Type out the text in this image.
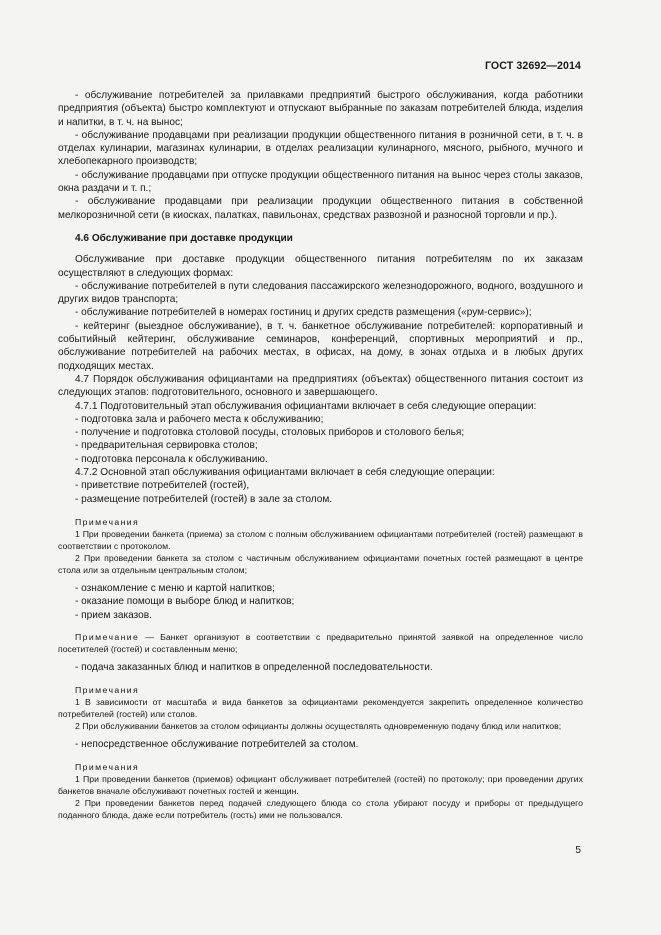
ГОСТ 32692—2014

- обслуживание потребителей за прилавками предприятий быстрого обслуживания, когда работники предприятия (объекта) быстро комплектуют и отпускают выбранные по заказам потребителей блюда, изделия и напитки, в т. ч. на вынос;

- обслуживание продавцами при реализации продукции общественного питания в розничной сети, в т. ч. в отделах кулинарии, магазинах кулинарии, в отделах реализации кулинарного, мясного, рыбного, мучного и хлебопекарного производств;

- обслуживание продавцами при отпуске продукции общественного питания на вынос через столы заказов, окна раздачи и т. п.;

- обслуживание продавцами при реализации продукции общественного питания в собственной мелкорозничной сети (в киосках, палатках, павильонах, средствах развозной и разносной торговли и пр.).

4.6 Обслуживание при доставке продукции

Обслуживание при доставке продукции общественного питания потребителям по их заказам осуществляют в следующих формах:

- обслуживание потребителей в пути следования пассажирского железнодорожного, водного, воздушного и других видов транспорта;

- обслуживание потребителей в номерах гостиниц и других средств размещения («рум-сервис»);

- кейтеринг (выездное обслуживание), в т. ч. банкетное обслуживание потребителей: корпоративный и событийный кейтеринг, обслуживание семинаров, конференций, спортивных мероприятий и пр., обслуживание потребителей на рабочих местах, в офисах, на дому, в зонах отдыха и в любых других подходящих местах.

4.7 Порядок обслуживания официантами на предприятиях (объектах) общественного питания состоит из следующих этапов: подготовительного, основного и завершающего.

4.7.1 Подготовительный этап обслуживания официантами включает в себя следующие операции:

- подготовка зала и рабочего места к обслуживанию;

- получение и подготовка столовой посуды, столовых приборов и столового белья;

- предварительная сервировка столов;

- подготовка персонала к обслуживанию.

4.7.2 Основной этап обслуживания официантами включает в себя следующие операции:

- приветствие потребителей (гостей),

- размещение потребителей (гостей) в зале за столом.

Примечания

1 При проведении банкета (приема) за столом с полным обслуживанием официантами потребителей (гостей) размещают в соответствии с протоколом.

2 При проведении банкета за столом с частичным обслуживанием официантами почетных гостей размещают в центре стола или за отдельным центральным столом;

- ознакомление с меню и картой напитков;

- оказание помощи в выборе блюд и напитков;

- прием заказов.

Примечание — Банкет организуют в соответствии с предварительно принятой заявкой на определенное число посетителей (гостей) и составленным меню;

- подача заказанных блюд и напитков в определенной последовательности.

Примечания

1 В зависимости от масштаба и вида банкетов за официантами рекомендуется закрепить определенное количество потребителей (гостей) или столов.

2 При обслуживании банкетов за столом официанты должны осуществлять одновременную подачу блюд или напитков;

- непосредственное обслуживание потребителей за столом.

Примечания

1 При проведении банкетов (приемов) официант обслуживает потребителей (гостей) по протоколу; при проведении других банкетов вначале обслуживают почетных гостей и женщин.

2 При проведении банкетов перед подачей следующего блюда со стола убирают посуду и приборы от предыдущего поданного блюда, даже если потребитель (гость) ими не пользовался.

5
